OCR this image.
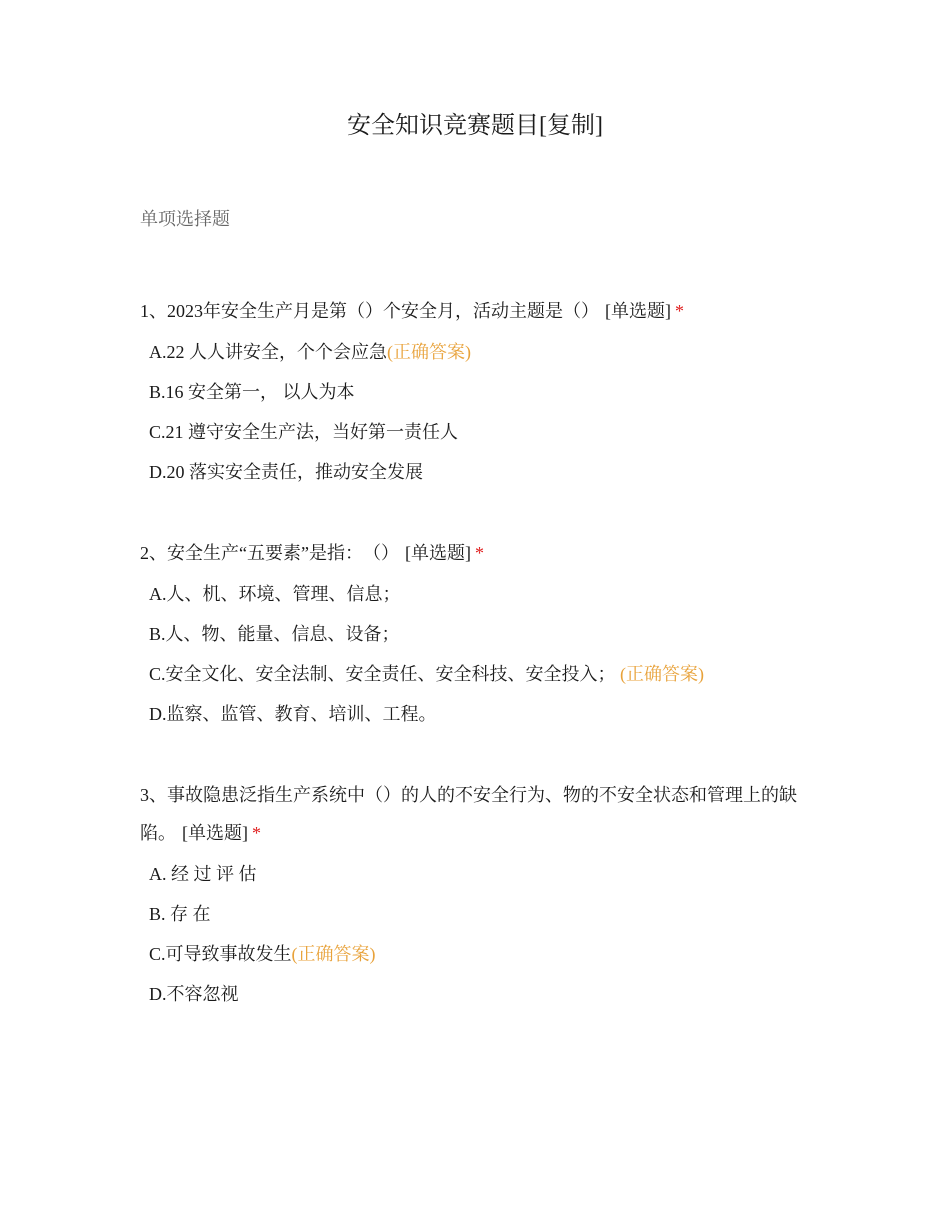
安全知识竞赛题目[复制]
单项选择题

1、2023年安全生产月是第（）个安全月，活动主题是（） [单选题] *

A.22 人人讲安全，个个会应急(正确答案)
B.16 安全第一， 以人为本
C.21 遵守安全生产法，当好第一责任人
D.20 落实安全责任，推动安全发展

2、安全生产“五要素”是指：　（） [单选题] *

A.人、机、环境、管理、信息；
B.人、物、能量、信息、设备；
C.安全文化、安全法制、安全责任、安全科技、安全投入； (正确答案)
D.监察、监管、教育、培训、工程。

3、事故隐患泛指生产系统中（）的人的不安全行为、物的不安全状态和管理上的缺陷。 [单选题] *

A. 经 过 评 估
B. 存 在
C.可导致事故发生(正确答案)
D.不容忽视
